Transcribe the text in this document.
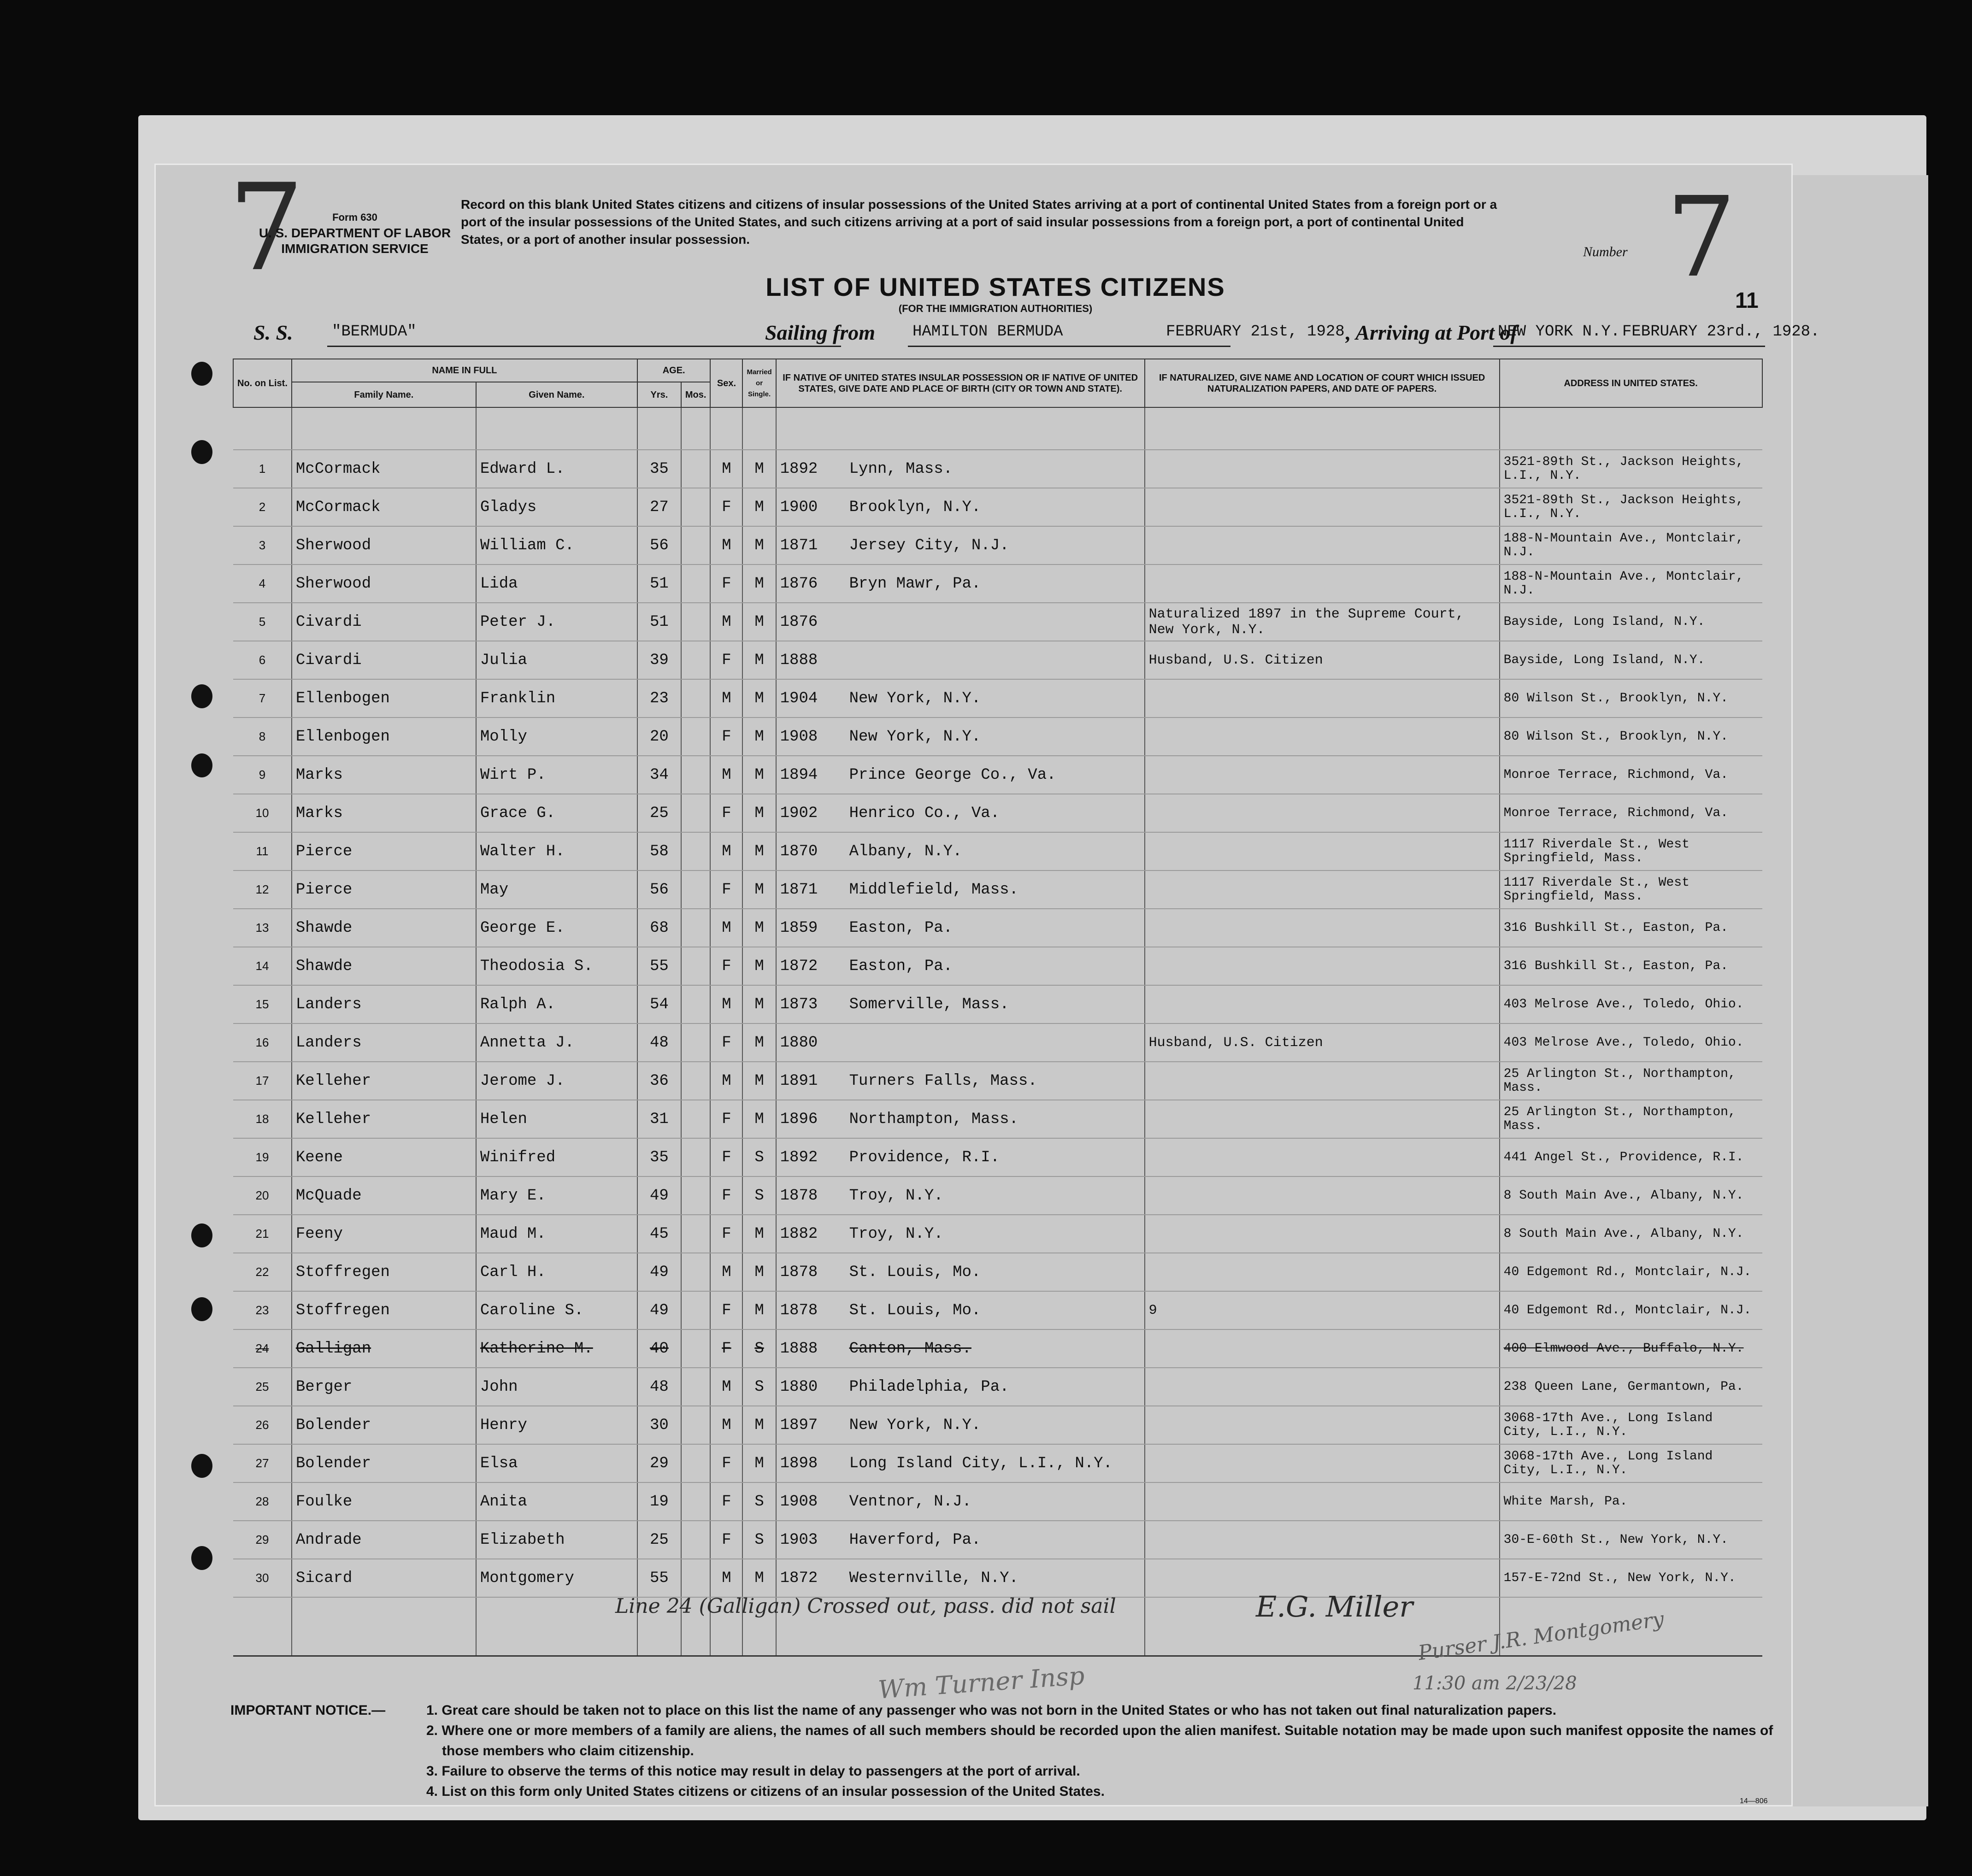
7	Form 630
U. S. DEPARTMENT OF LABOR
IMMIGRATION SERVICE
Record on this blank United States citizens and citizens of insular possessions of the United States arriving at a port of continental United States from a foreign port or a port of the insular possessions of the United States, and such citizens arriving at a port of said insular possessions from a foreign port, a port of continental United States, or a port of another insular possession.
Number 7
11
LIST OF UNITED STATES CITIZENS
(FOR THE IMMIGRATION AUTHORITIES)
S. S. "BERMUDA"	Sailing from HAMILTON BERMUDA	FEBRUARY 21st, 1928 , Arriving at Port of
NEW YORK N.Y. FEBRUARY 23rd., 1928.
No. on List.	NAME IN FULL		AGE.		Sex.	Married or Single.	IF NATIVE OF UNITED STATES INSULAR POSSESSION OR IF NATIVE OF UNITED STATES, GIVE DATE AND PLACE OF BIRTH (CITY OR TOWN AND STATE).	IF NATURALIZED, GIVE NAME AND LOCATION OF COURT WHICH ISSUED NATURALIZATION PAPERS, AND DATE OF PAPERS.	ADDRESS IN UNITED STATES.
	Family Name.	Given Name.	Yrs.	Mos.					

1	McCormack	Edward L.	35		M	M	1892 Lynn, Mass.		3521-89th St., Jackson Heights, L.I., N.Y.
2	McCormack	Gladys	27		F	M	1900 Brooklyn, N.Y.		3521-89th St., Jackson Heights, L.I., N.Y.
3	Sherwood	William C.	56		M	M	1871 Jersey City, N.J.		188-N-Mountain Ave., Montclair, N.J.
4	Sherwood	Lida	51		F	M	1876 Bryn Mawr, Pa.		188-N-Mountain Ave., Montclair, N.J.
5	Civardi	Peter J.	51		M	M	1876	Naturalized 1897 in the Supreme Court, New York, N.Y.	Bayside, Long Island, N.Y.
6	Civardi	Julia	39		F	M	1888	Husband, U.S. Citizen	Bayside, Long Island, N.Y.
7	Ellenbogen	Franklin	23		M	M	1904 New York, N.Y.		80 Wilson St., Brooklyn, N.Y.
8	Ellenbogen	Molly	20		F	M	1908 New York, N.Y.		80 Wilson St., Brooklyn, N.Y.
9	Marks	Wirt P.	34		M	M	1894 Prince George Co., Va.		Monroe Terrace, Richmond, Va.
10	Marks	Grace G.	25		F	M	1902 Henrico Co., Va.		Monroe Terrace, Richmond, Va.
11	Pierce	Walter H.	58		M	M	1870 Albany, N.Y.		1117 Riverdale St., West Springfield, Mass.
12	Pierce	May	56		F	M	1871 Middlefield, Mass.		1117 Riverdale St., West Springfield, Mass.
13	Shawde	George E.	68		M	M	1859 Easton, Pa.		316 Bushkill St., Easton, Pa.
14	Shawde	Theodosia S.	55		F	M	1872 Easton, Pa.		316 Bushkill St., Easton, Pa.
15	Landers	Ralph A.	54		M	M	1873 Somerville, Mass.		403 Melrose Ave., Toledo, Ohio.
16	Landers	Annetta J.	48		F	M	1880	Husband, U.S. Citizen	403 Melrose Ave., Toledo, Ohio.
17	Kelleher	Jerome J.	36		M	M	1891 Turners Falls, Mass.		25 Arlington St., Northampton, Mass.
18	Kelleher	Helen	31		F	M	1896 Northampton, Mass.		25 Arlington St., Northampton, Mass.
19	Keene	Winifred	35		F	S	1892 Providence, R.I.		441 Angel St., Providence, R.I.
20	McQuade	Mary E.	49		F	S	1878 Troy, N.Y.		8 South Main Ave., Albany, N.Y.
21	Feeny	Maud M.	45		F	M	1882 Troy, N.Y.		8 South Main Ave., Albany, N.Y.
22	Stoffregen	Carl H.	49		M	M	1878 St. Louis, Mo.		40 Edgemont Rd., Montclair, N.J.
23	Stoffregen	Caroline S.	49		F	M	1878 St. Louis, Mo.	9	40 Edgemont Rd., Montclair, N.J.
24	Galligan	Katherine M.	40		F	S	1888 Canton, Mass.		400 Elmwood Ave., Buffalo, N.Y.
25	Berger	John	48		M	S	1880 Philadelphia, Pa.		238 Queen Lane, Germantown, Pa.
26	Bolender	Henry	30		M	M	1897 New York, N.Y.		3068-17th Ave., Long Island City, L.I., N.Y.
27	Bolender	Elsa	29		F	M	1898 Long Island City, L.I., N.Y.		3068-17th Ave., Long Island City, L.I., N.Y.
28	Foulke	Anita	19		F	S	1908 Ventnor, N.J.		White Marsh, Pa.
29	Andrade	Elizabeth	25		F	S	1903 Haverford, Pa.		30-E-60th St., New York, N.Y.
30	Sicard	Montgomery	55		M	M	1872 Westernville, N.Y.		157-E-72nd St., New York, N.Y.

Line 24 (Galligan) Crossed out, pass. did not sail	E.G. Miller
Wm Turner Insp
Purser J.R. Montgomery
11:30 am 2/23/28
IMPORTANT NOTICE.—	1. Great care should be taken not to place on this list the name of any passenger who was not born in the United States or who has not taken out final naturalization papers.
2. Where one or more members of a family are aliens, the names of all such members should be recorded upon the alien manifest. Suitable notation may be made upon such manifest opposite the names of those members who claim citizenship.
3. Failure to observe the terms of this notice may result in delay to passengers at the port of arrival.
4. List on this form only United States citizens or citizens of an insular possession of the United States.
14—806
